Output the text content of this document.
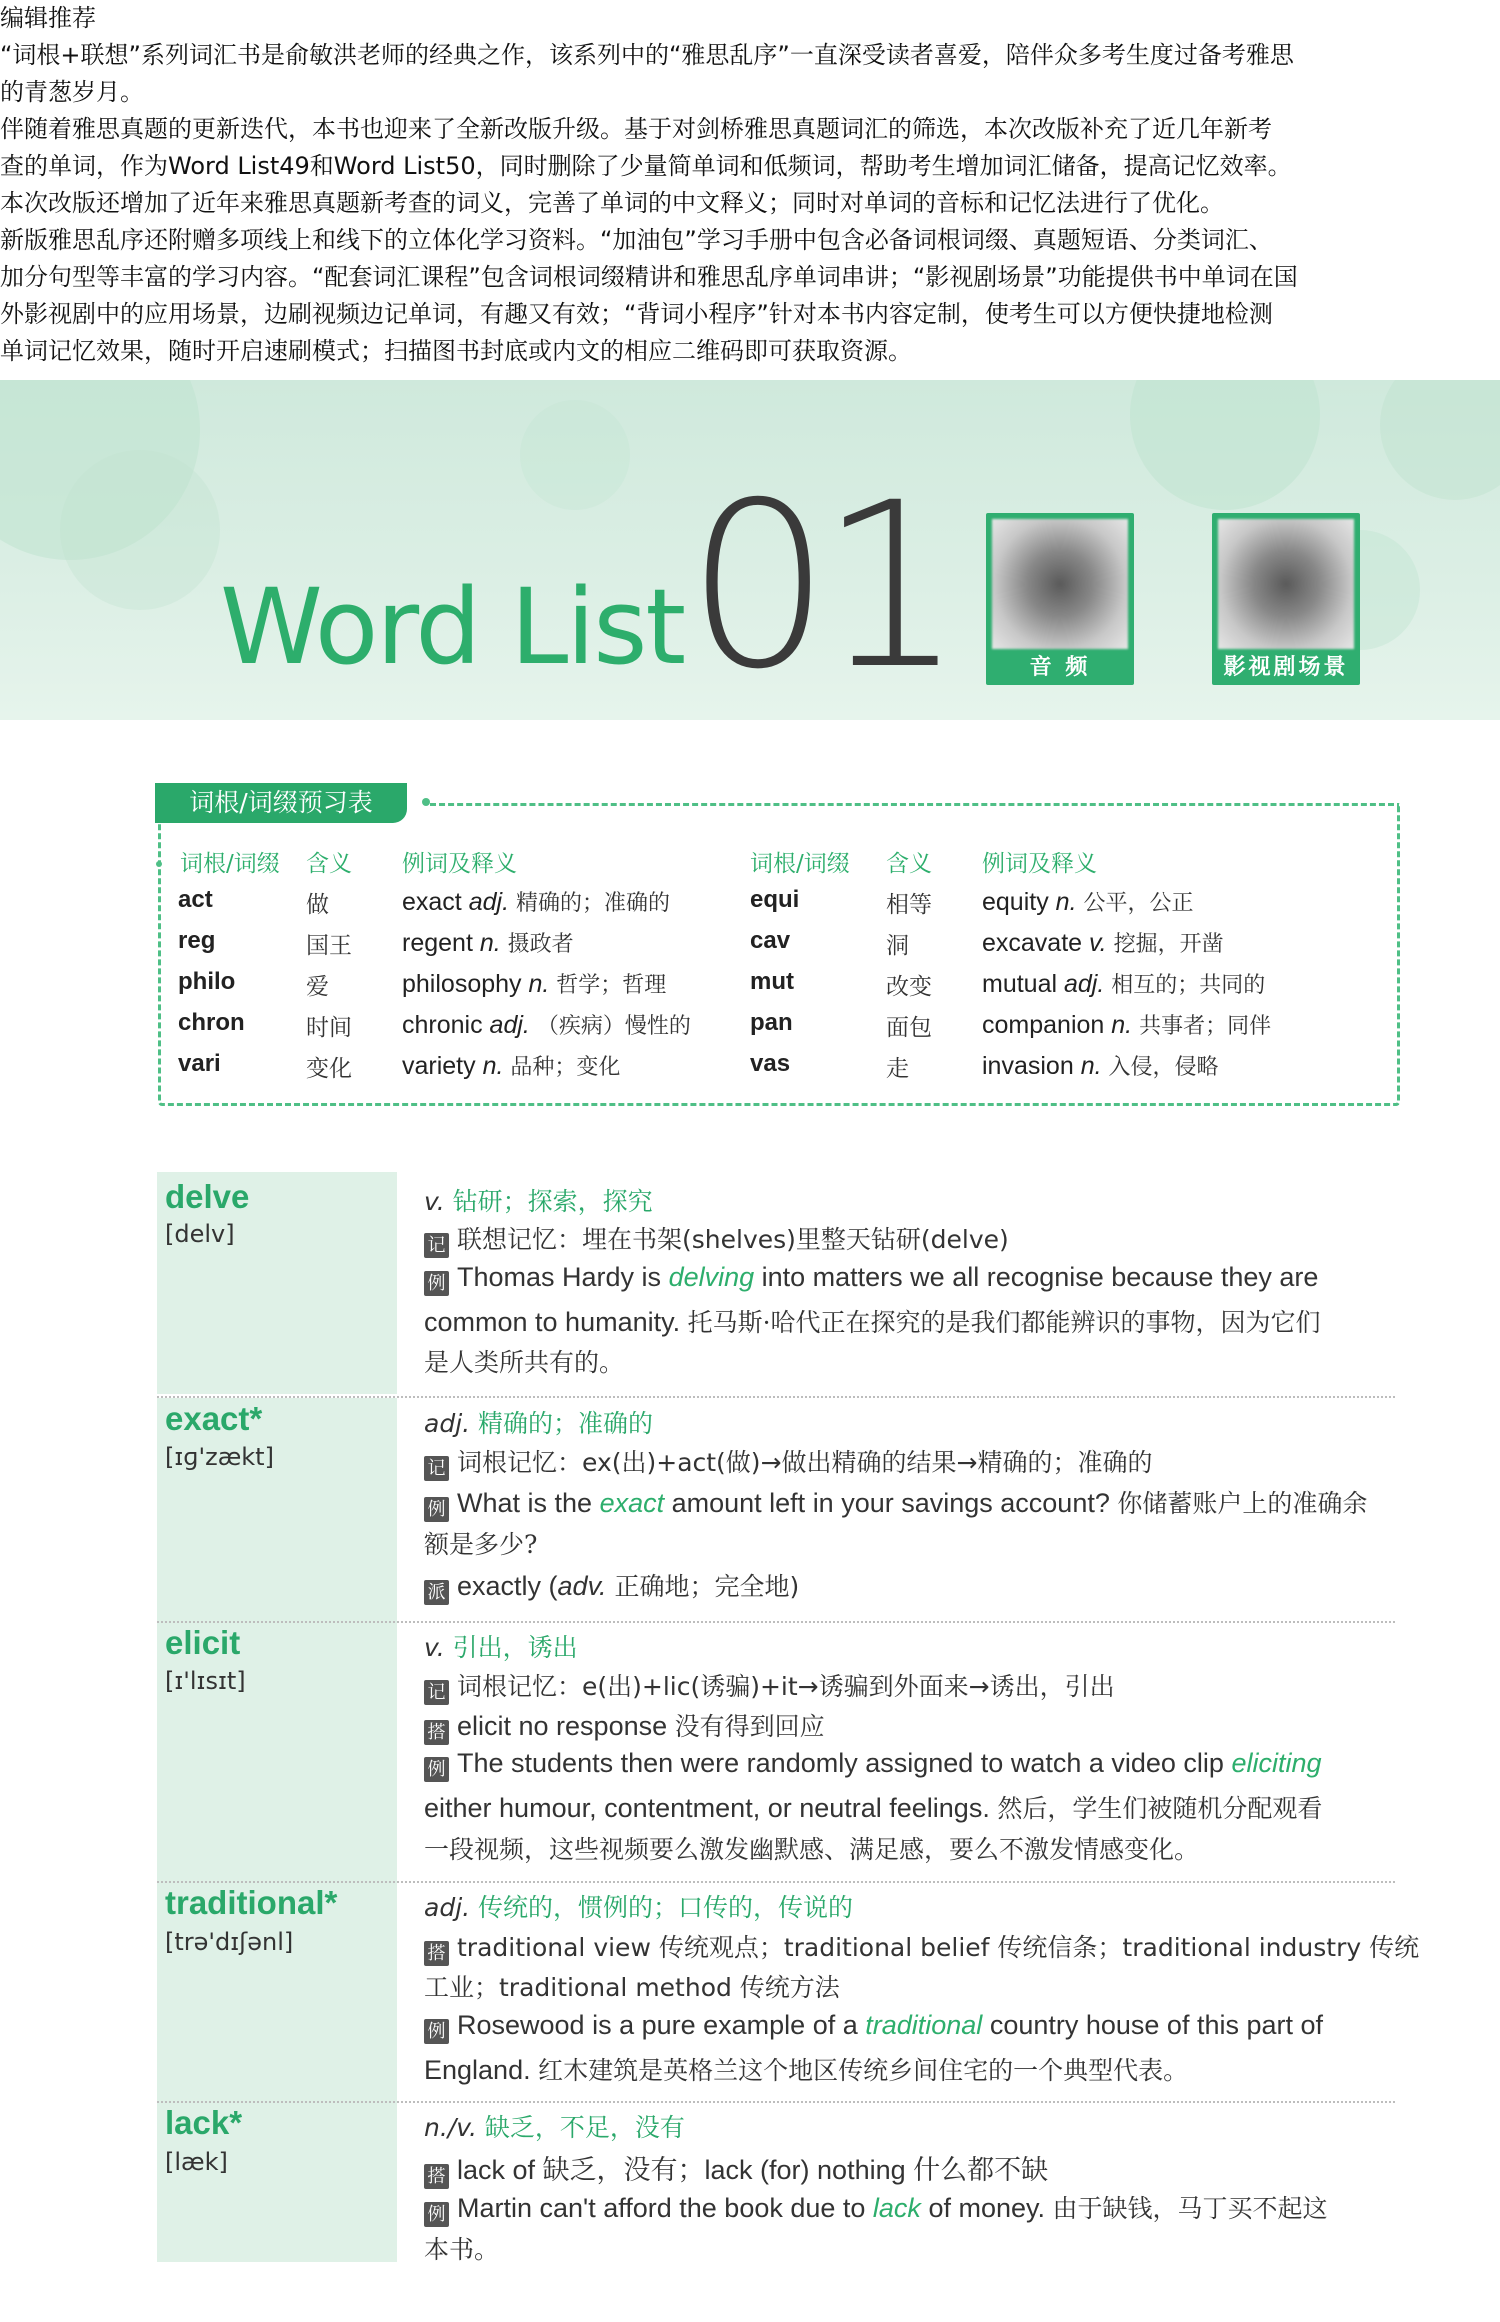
编辑推荐

“词根+联想”系列词汇书是俞敏洪老师的经典之作，该系列中的“雅思乱序”一直深受读者喜爱，陪伴众多考生度过备考雅思

的青葱岁月。

伴随着雅思真题的更新迭代，本书也迎来了全新改版升级。基于对剑桥雅思真题词汇的筛选，本次改版补充了近几年新考

查的单词，作为Word List49和Word List50，同时删除了少量简单词和低频词，帮助考生增加词汇储备，提高记忆效率。

本次改版还增加了近年来雅思真题新考查的词义，完善了单词的中文释义；同时对单词的音标和记忆法进行了优化。

新版雅思乱序还附赠多项线上和线下的立体化学习资料。“加油包”学习手册中包含必备词根词缀、真题短语、分类词汇、

加分句型等丰富的学习内容。“配套词汇课程”包含词根词缀精讲和雅思乱序单词串讲；“影视剧场景”功能提供书中单词在国

外影视剧中的应用场景，边刷视频边记单词，有趣又有效；“背词小程序”针对本书内容定制，使考生可以方便快捷地检测

单词记忆效果，随时开启速刷模式；扫描图书封底或内文的相应二维码即可获取资源。

Word List 01	音 频	影视剧场景
词根/词缀预习表
词根/词缀 含义 例词及释义	词根/词缀 含义 例词及释义
act	做	exact adj. 精确的；准确的
reg	国王 regent n. 摄政者
philo	爱	philosophy n. 哲学；哲理
chron	时间 chronic adj. （疾病）慢性的
vari	变化 variety n. 品种；变化
equi	相等 equity n. 公平，公正
cav	洞	excavate v. 挖掘，开凿
mut	改变 mutual adj. 相互的；共同的
pan	面包 companion n. 共事者；同伴
vas	走	invasion n. 入侵，侵略
delve
[delv]
v. 钻研；探索，探究
记 联想记忆：埋在书架(shelves)里整天钻研(delve)
例 Thomas Hardy is delving into matters we all recognise because they are
common to humanity. 托马斯·哈代正在探究的是我们都能辨识的事物，因为它们
是人类所共有的。
exact*
[ɪɡ'zækt]
adj. 精确的；准确的
记 词根记忆：ex(出)+act(做)→做出精确的结果→精确的；准确的
例 What is the exact amount left in your savings account? 你储蓄账户上的准确余
额是多少?
派 exactly (adv. 正确地；完全地)
elicit
[ɪ'lɪsɪt]
v. 引出，诱出
记 词根记忆：e(出)+lic(诱骗)+it→诱骗到外面来→诱出，引出
搭 elicit no response 没有得到回应
例 The students then were randomly assigned to watch a video clip eliciting
either humour, contentment, or neutral feelings. 然后，学生们被随机分配观看
一段视频，这些视频要么激发幽默感、满足感，要么不激发情感变化。
traditional*
[trə'dɪʃənl]
adj. 传统的，惯例的；口传的，传说的
搭 traditional view 传统观点；traditional belief 传统信条；traditional industry 传统
工业；traditional method 传统方法
例 Rosewood is a pure example of a traditional country house of this part of
England. 红木建筑是英格兰这个地区传统乡间住宅的一个典型代表。
lack*
[læk]
n./v. 缺乏，不足，没有
搭 lack of 缺乏，没有；lack (for) nothing 什么都不缺
例 Martin can't afford the book due to lack of money. 由于缺钱，马丁买不起这
本书。
